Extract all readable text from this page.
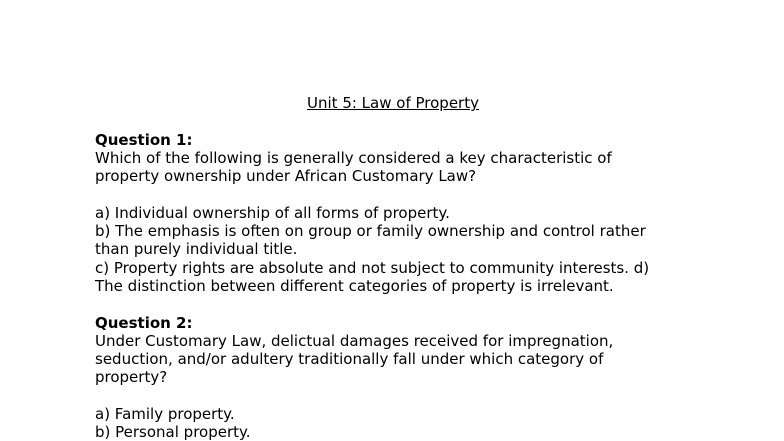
Unit 5: Law of Property
Question 1:
Which of the following is generally considered a key characteristic of
property ownership under African Customary Law?
a) Individual ownership of all forms of property.
b) The emphasis is often on group or family ownership and control rather
than purely individual title.
c) Property rights are absolute and not subject to community interests. d)
The distinction between different categories of property is irrelevant.
Question 2:
Under Customary Law, delictual damages received for impregnation,
seduction, and/or adultery traditionally fall under which category of
property?
a) Family property.
b) Personal property.
